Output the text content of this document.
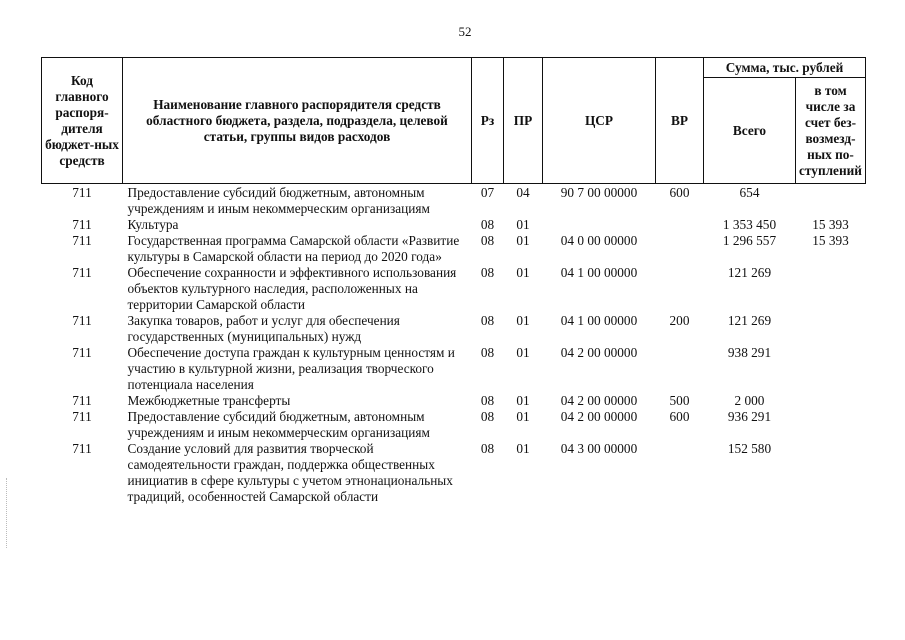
52
Код главного распоря-дителя бюджет-ных средств	Наименование главного распорядителя средств областного бюджета, раздела, подраздела, целевой статьи, группы видов расходов	Рз	ПР	ЦСР	ВР	Сумма, тыс. рублей	
						Всего	в том числе за счет без-возмезд-ных по-ступлений
711	Предоставление субсидий бюджетным, автономным учреждениям и иным некоммерческим организациям	07	04	90 7 00 00000	600	654	
711	Культура	08	01			1 353 450	15 393
711	Государственная программа Самарской области «Развитие культуры в Самарской области на период до 2020 года»	08	01	04 0 00 00000		1 296 557	15 393
711	Обеспечение сохранности и эффективного использования объектов культурного наследия, расположенных на территории Самарской области	08	01	04 1 00 00000		121 269	
711	Закупка товаров, работ и услуг для обеспечения государственных (муниципальных) нужд	08	01	04 1 00 00000	200	121 269	
711	Обеспечение доступа граждан к культурным ценностям и участию в культурной жизни, реализация творческого потенциала населения	08	01	04 2 00 00000		938 291	
711	Межбюджетные трансферты	08	01	04 2 00 00000	500	2 000	
711	Предоставление субсидий бюджетным, автономным учреждениям и иным некоммерческим организациям	08	01	04 2 00 00000	600	936 291	
711	Создание условий для развития творческой самодеятельности граждан, поддержка общественных инициатив в сфере культуры с учетом этнонациональных традиций, особенностей Самарской области	08	01	04 3 00 00000		152 580	
